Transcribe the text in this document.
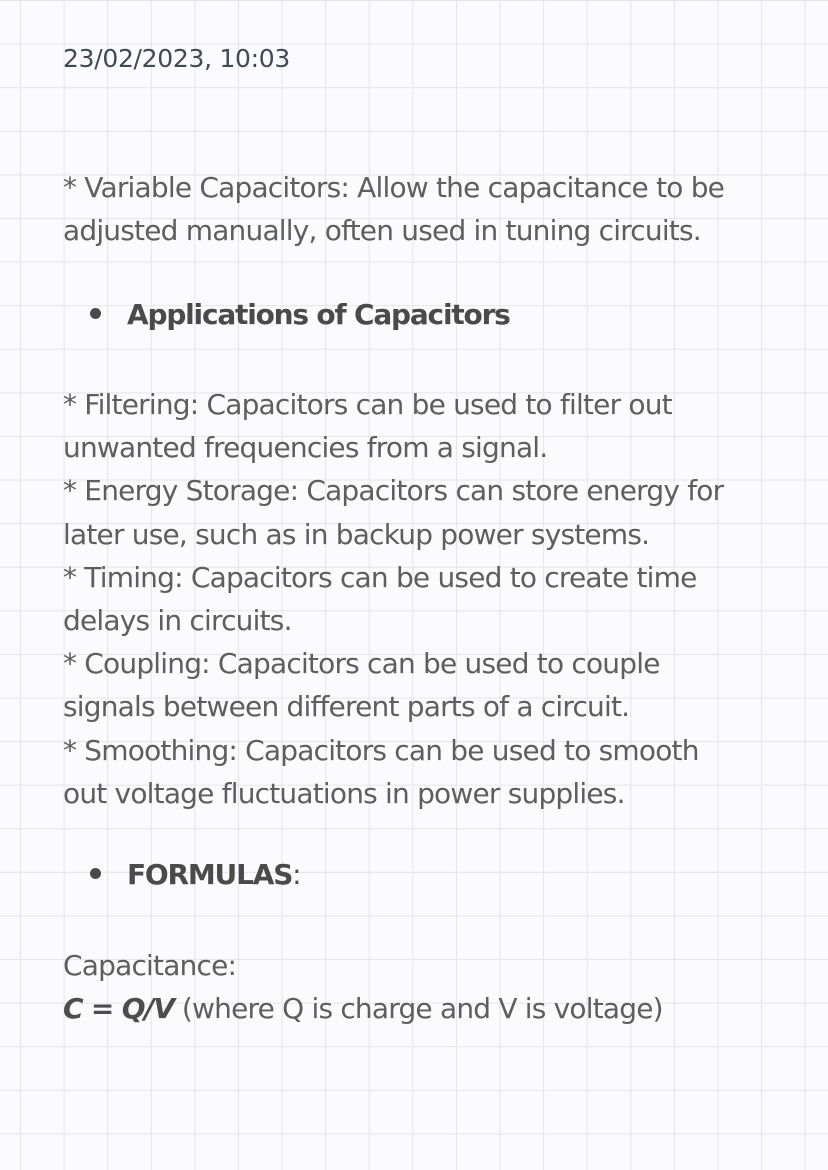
23/02/2023, 10:03
* Variable Capacitors: Allow the capacitance to be
adjusted manually, often used in tuning circuits.
Applications of Capacitors
* Filtering: Capacitors can be used to filter out
unwanted frequencies from a signal.
* Energy Storage: Capacitors can store energy for
later use, such as in backup power systems.
* Timing: Capacitors can be used to create time
delays in circuits.
* Coupling: Capacitors can be used to couple
signals between different parts of a circuit.
* Smoothing: Capacitors can be used to smooth
out voltage fluctuations in power supplies.
FORMULAS:
Capacitance:
C = Q/V (where Q is charge and V is voltage)
